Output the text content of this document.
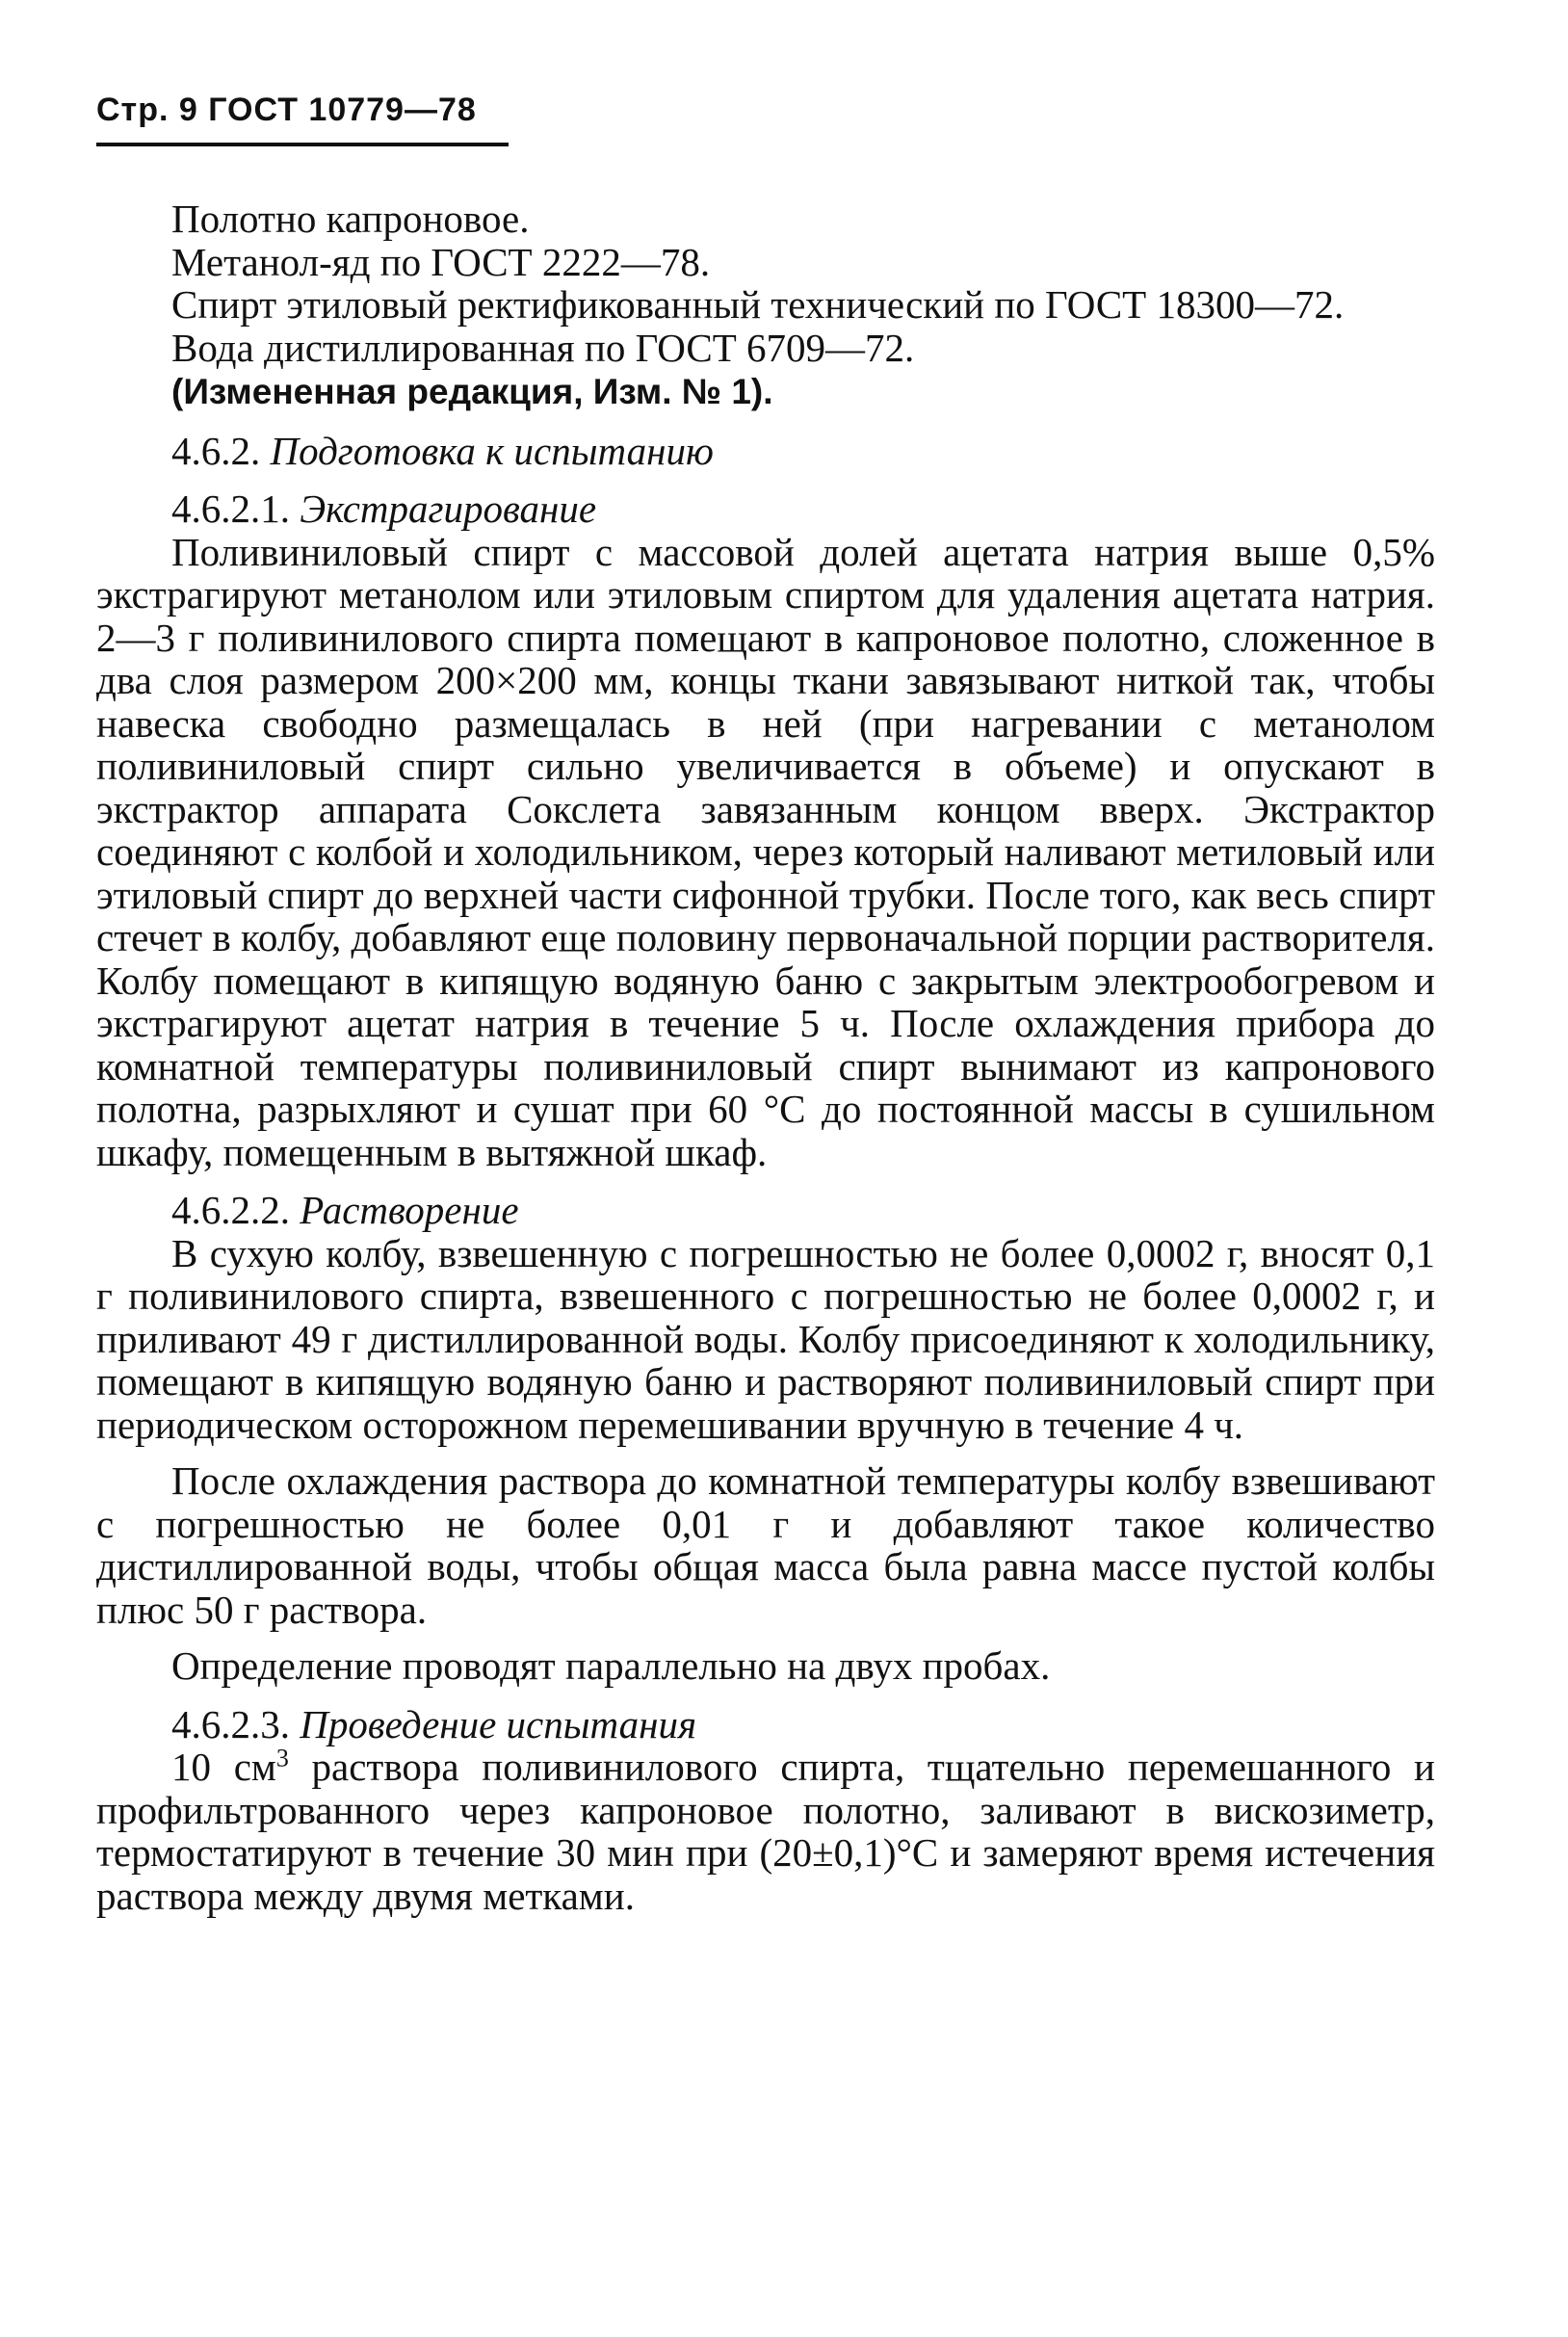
Стр. 9 ГОСТ 10779—78

Полотно капроновое.

Метанол-яд по ГОСТ 2222—78.

Спирт этиловый ректификованный технический по ГОСТ 18300—72.

Вода дистиллированная по ГОСТ 6709—72.

(Измененная редакция, Изм. № 1).

4.6.2. Подготовка к испытанию

4.6.2.1. Экстрагирование

Поливиниловый спирт с массовой долей ацетата натрия выше 0,5% экстрагируют метанолом или этиловым спиртом для удаления ацетата натрия. 2—3 г поливинилового спирта помещают в капроновое полотно, сложенное в два слоя размером 200×200 мм, концы ткани завязывают ниткой так, чтобы навеска свободно размещалась в ней (при нагревании с метанолом поливиниловый спирт сильно увеличивается в объеме) и опускают в экстрактор аппарата Сокслета завязанным концом вверх. Экстрактор соединяют с колбой и холодильником, через который наливают метиловый или этиловый спирт до верхней части сифонной трубки. После того, как весь спирт стечет в колбу, добавляют еще половину первоначальной порции растворителя. Колбу помещают в кипящую водяную баню с закрытым электрообогревом и экстрагируют ацетат натрия в течение 5 ч. После охлаждения прибора до комнатной температуры поливиниловый спирт вынимают из капронового полотна, разрыхляют и сушат при 60 °С до постоянной массы в сушильном шкафу, помещенным в вытяжной шкаф.

4.6.2.2. Растворение

В сухую колбу, взвешенную с погрешностью не более 0,0002 г, вносят 0,1 г поливинилового спирта, взвешенного с погрешностью не более 0,0002 г, и приливают 49 г дистиллированной воды. Колбу присоединяют к холодильнику, помещают в кипящую водяную баню и растворяют поливиниловый спирт при периодическом осторожном перемешивании вручную в течение 4 ч.

После охлаждения раствора до комнатной температуры колбу взвешивают с погрешностью не более 0,01 г и добавляют такое количество дистиллированной воды, чтобы общая масса была равна массе пустой колбы плюс 50 г раствора.

Определение проводят параллельно на двух пробах.

4.6.2.3. Проведение испытания

10 $см^3$ раствора поливинилового спирта, тщательно перемешанного и профильтрованного через капроновое полотно, заливают в вискозиметр, термостатируют в течение 30 мин при (20±0,1)°С и замеряют время истечения раствора между двумя метками.
